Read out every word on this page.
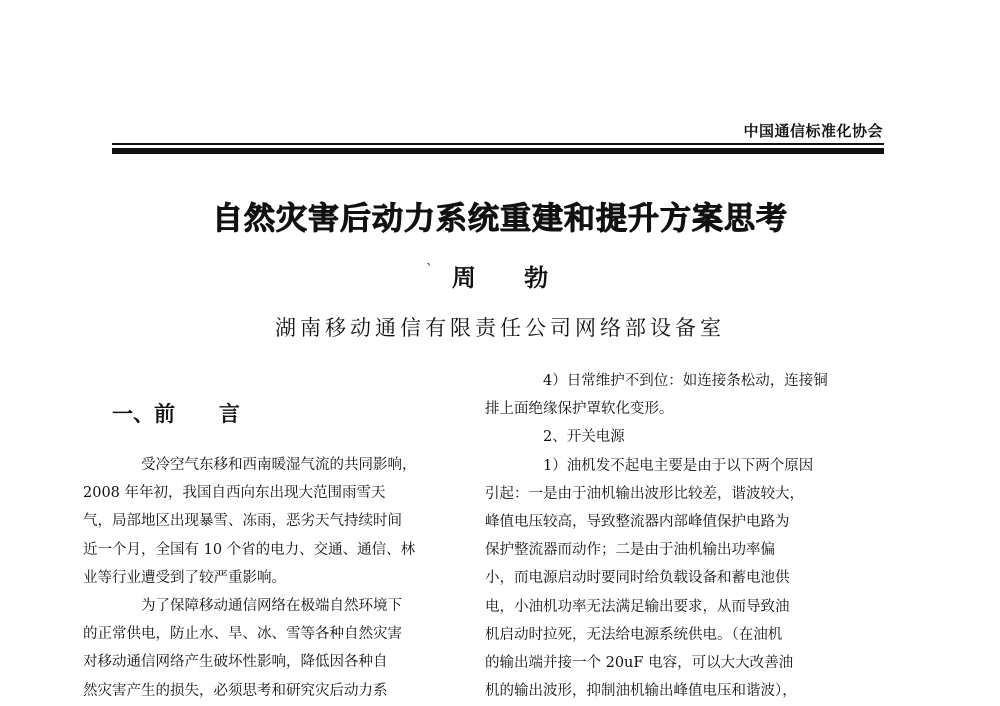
中国通信标准化协会
自然灾害后动力系统重建和提升方案思考
ˋ 周 勃
湖南移动通信有限责任公司网络部设备室
一、前      言

受冷空气东移和西南暖湿气流的共同影响，
2008 年年初，我国自西向东出现大范围雨雪天
气，局部地区出现暴雪、冻雨，恶劣天气持续时间
近一个月，全国有 10 个省的电力、交通、通信、林
业等行业遭受到了较严重影响。

为了保障移动通信网络在极端自然环境下
的正常供电，防止水、旱、冰、雪等各种自然灾害
对移动通信网络产生破坏性影响，降低因各种自
然灾害产生的损失，必须思考和研究灾后动力系

4）日常维护不到位：如连接条松动，连接铜
排上面绝缘保护罩软化变形。

2、开关电源

1）油机发不起电主要是由于以下两个原因
引起：一是由于油机输出波形比较差，谐波较大，
峰值电压较高，导致整流器内部峰值保护电路为
保护整流器而动作；二是由于油机输出功率偏
小，而电源启动时要同时给负载设备和蓄电池供
电，小油机功率无法满足输出要求，从而导致油
机启动时拉死，无法给电源系统供电。（在油机
的输出端并接一个 20uF 电容，可以大大改善油
机的输出波形，抑制油机输出峰值电压和谐波），
